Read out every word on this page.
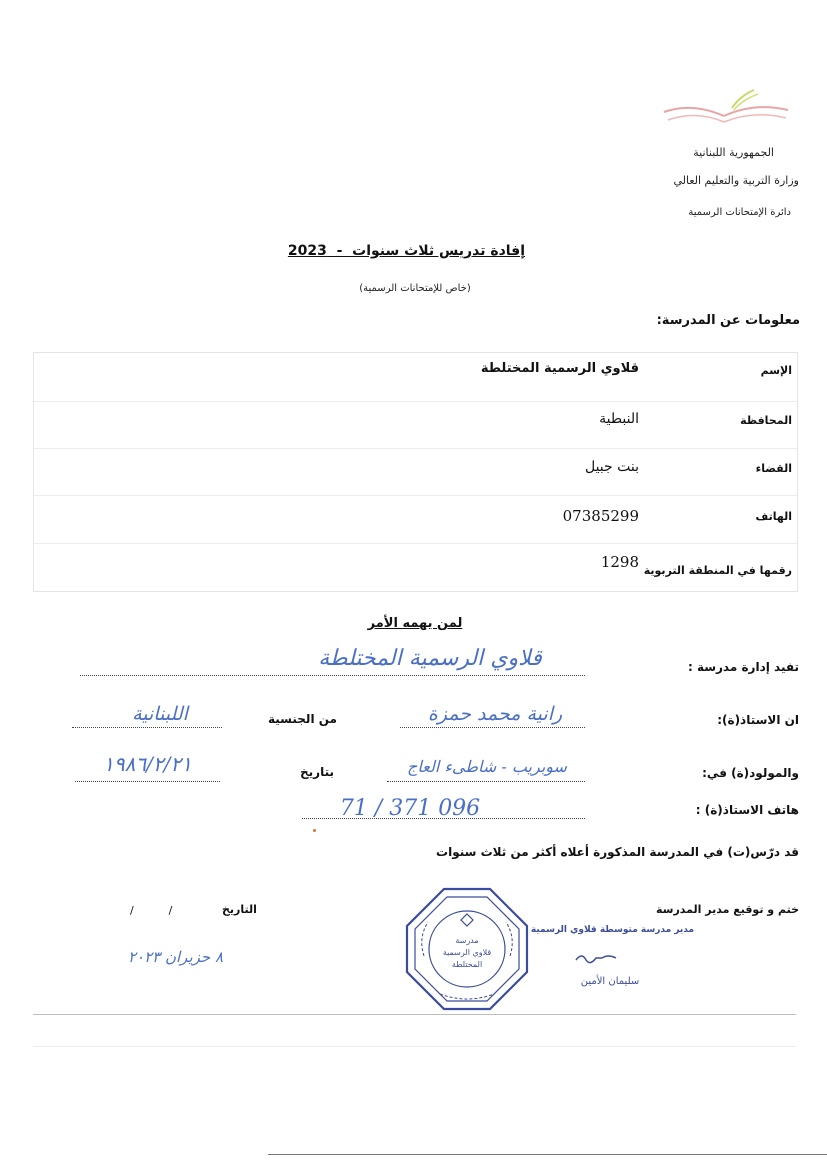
الجمهورية اللبنانية
وزارة التربية والتعليم العالي
دائرة الإمتحانات الرسمية
إفادة تدريس ثلاث سنوات  -  2023
(خاص للإمتحانات الرسمية)
معلومات عن المدرسة:
قلاوي الرسمية المختلطة	الإسم
النبطية	المحافظة
بنت جبيل	القضاء
07385299	الهاتف
1298 رقمها في المنطقة التربوية
لمن يهمه الأمر
تفيد إدارة مدرسة :
قلاوي الرسمية المختلطة
ان الاستاذ(ة):
رانية محمد حمزة
من الجنسية
اللبنانية
والمولود(ة) في:
سوبريب - شاطىء العاج
بتاريخ
١٩٨٦/٢/٢١
هاتف الاستاذ(ة) :
71 / 371 096
قد درّس(ت) في المدرسة المذكورة أعلاه أكثر من ثلاث سنوات
ختم و توقيع مدير المدرسة
التاريخ
/          /
٨ حزيران ٢٠٢٣
مدرسة
قلاوي الرسمية
المختلطة
مدير مدرسة متوسطة قلاوي الرسمية
سليمان الأمين
